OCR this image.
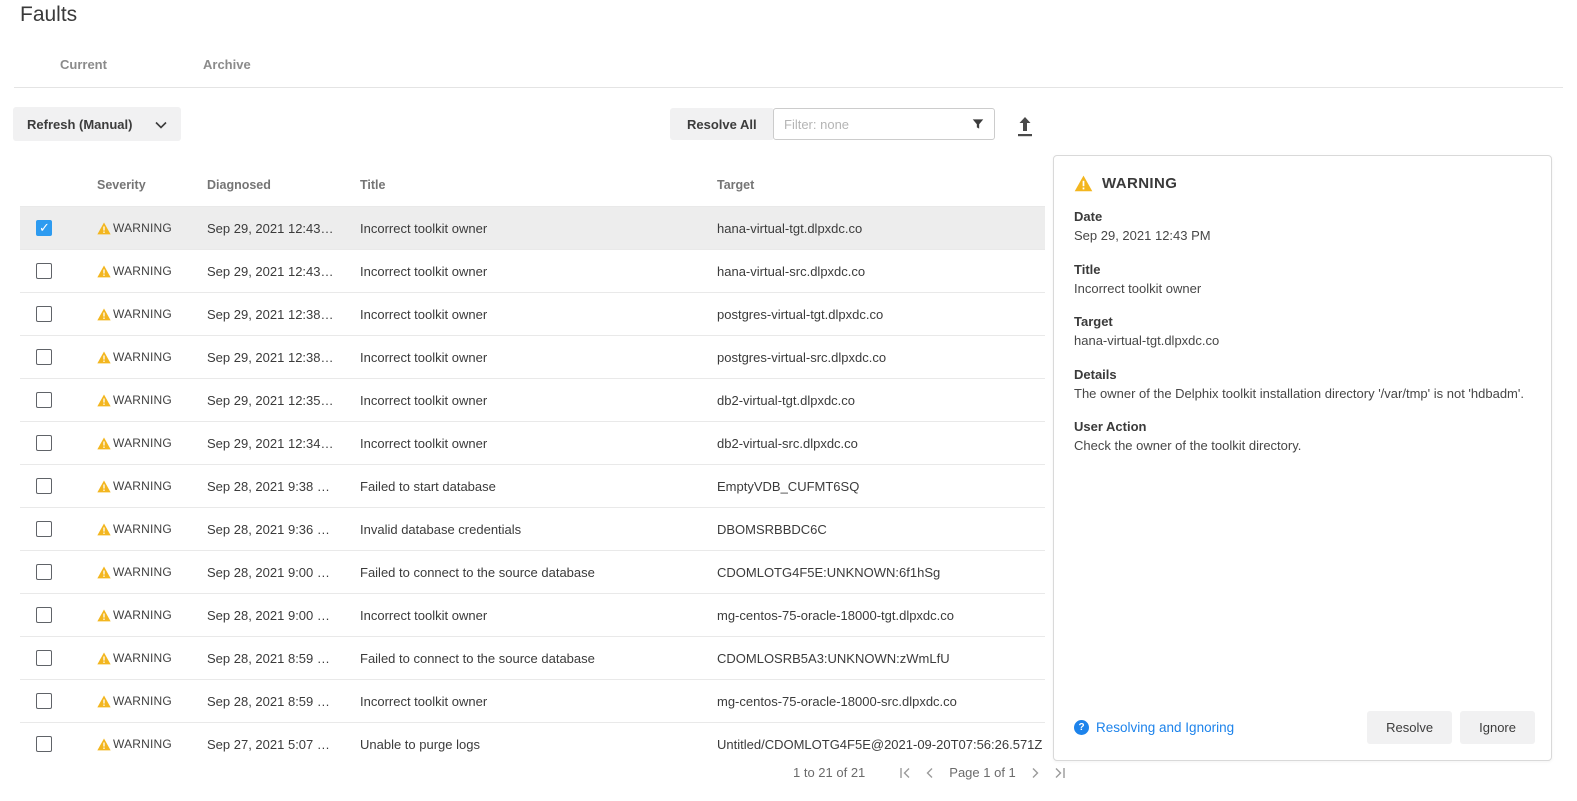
Faults
Current	Archive
Refresh (Manual)	Resolve All
Filter: none
Severity	Diagnosed	Title	Target
✓
WARNING	Sep 29, 2021 12:43…	Incorrect toolkit owner	hana-virtual-tgt.dlpxdc.co
WARNING	Sep 29, 2021 12:43…	Incorrect toolkit owner	hana-virtual-src.dlpxdc.co
WARNING	Sep 29, 2021 12:38…	Incorrect toolkit owner	postgres-virtual-tgt.dlpxdc.co
WARNING	Sep 29, 2021 12:38…	Incorrect toolkit owner	postgres-virtual-src.dlpxdc.co
WARNING	Sep 29, 2021 12:35…	Incorrect toolkit owner	db2-virtual-tgt.dlpxdc.co
WARNING	Sep 29, 2021 12:34…	Incorrect toolkit owner	db2-virtual-src.dlpxdc.co
WARNING	Sep 28, 2021 9:38 …	Failed to start database	EmptyVDB_CUFMT6SQ
WARNING	Sep 28, 2021 9:36 …	Invalid database credentials	DBOMSRBBDC6C
WARNING	Sep 28, 2021 9:00 …	Failed to connect to the source database	CDOMLOTG4F5E:UNKNOWN:6f1hSg
WARNING	Sep 28, 2021 9:00 …	Incorrect toolkit owner	mg-centos-75-oracle-18000-tgt.dlpxdc.co
WARNING	Sep 28, 2021 8:59 …	Failed to connect to the source database	CDOMLOSRB5A3:UNKNOWN:zWmLfU
WARNING	Sep 28, 2021 8:59 …	Incorrect toolkit owner	mg-centos-75-oracle-18000-src.dlpxdc.co
WARNING	Sep 27, 2021 5:07 …	Unable to purge logs	Untitled/CDOMLOTG4F5E@2021-09-20T07:56:26.571Z
1 to 21 of 21	Page 1 of 1
WARNING
Date
Sep 29, 2021 12:43 PM
Title
Incorrect toolkit owner
Target
hana-virtual-tgt.dlpxdc.co
Details
The owner of the Delphix toolkit installation directory '/var/tmp' is not 'hdbadm'.
User Action
Check the owner of the toolkit directory.
? Resolving and Ignoring	Resolve	Ignore
